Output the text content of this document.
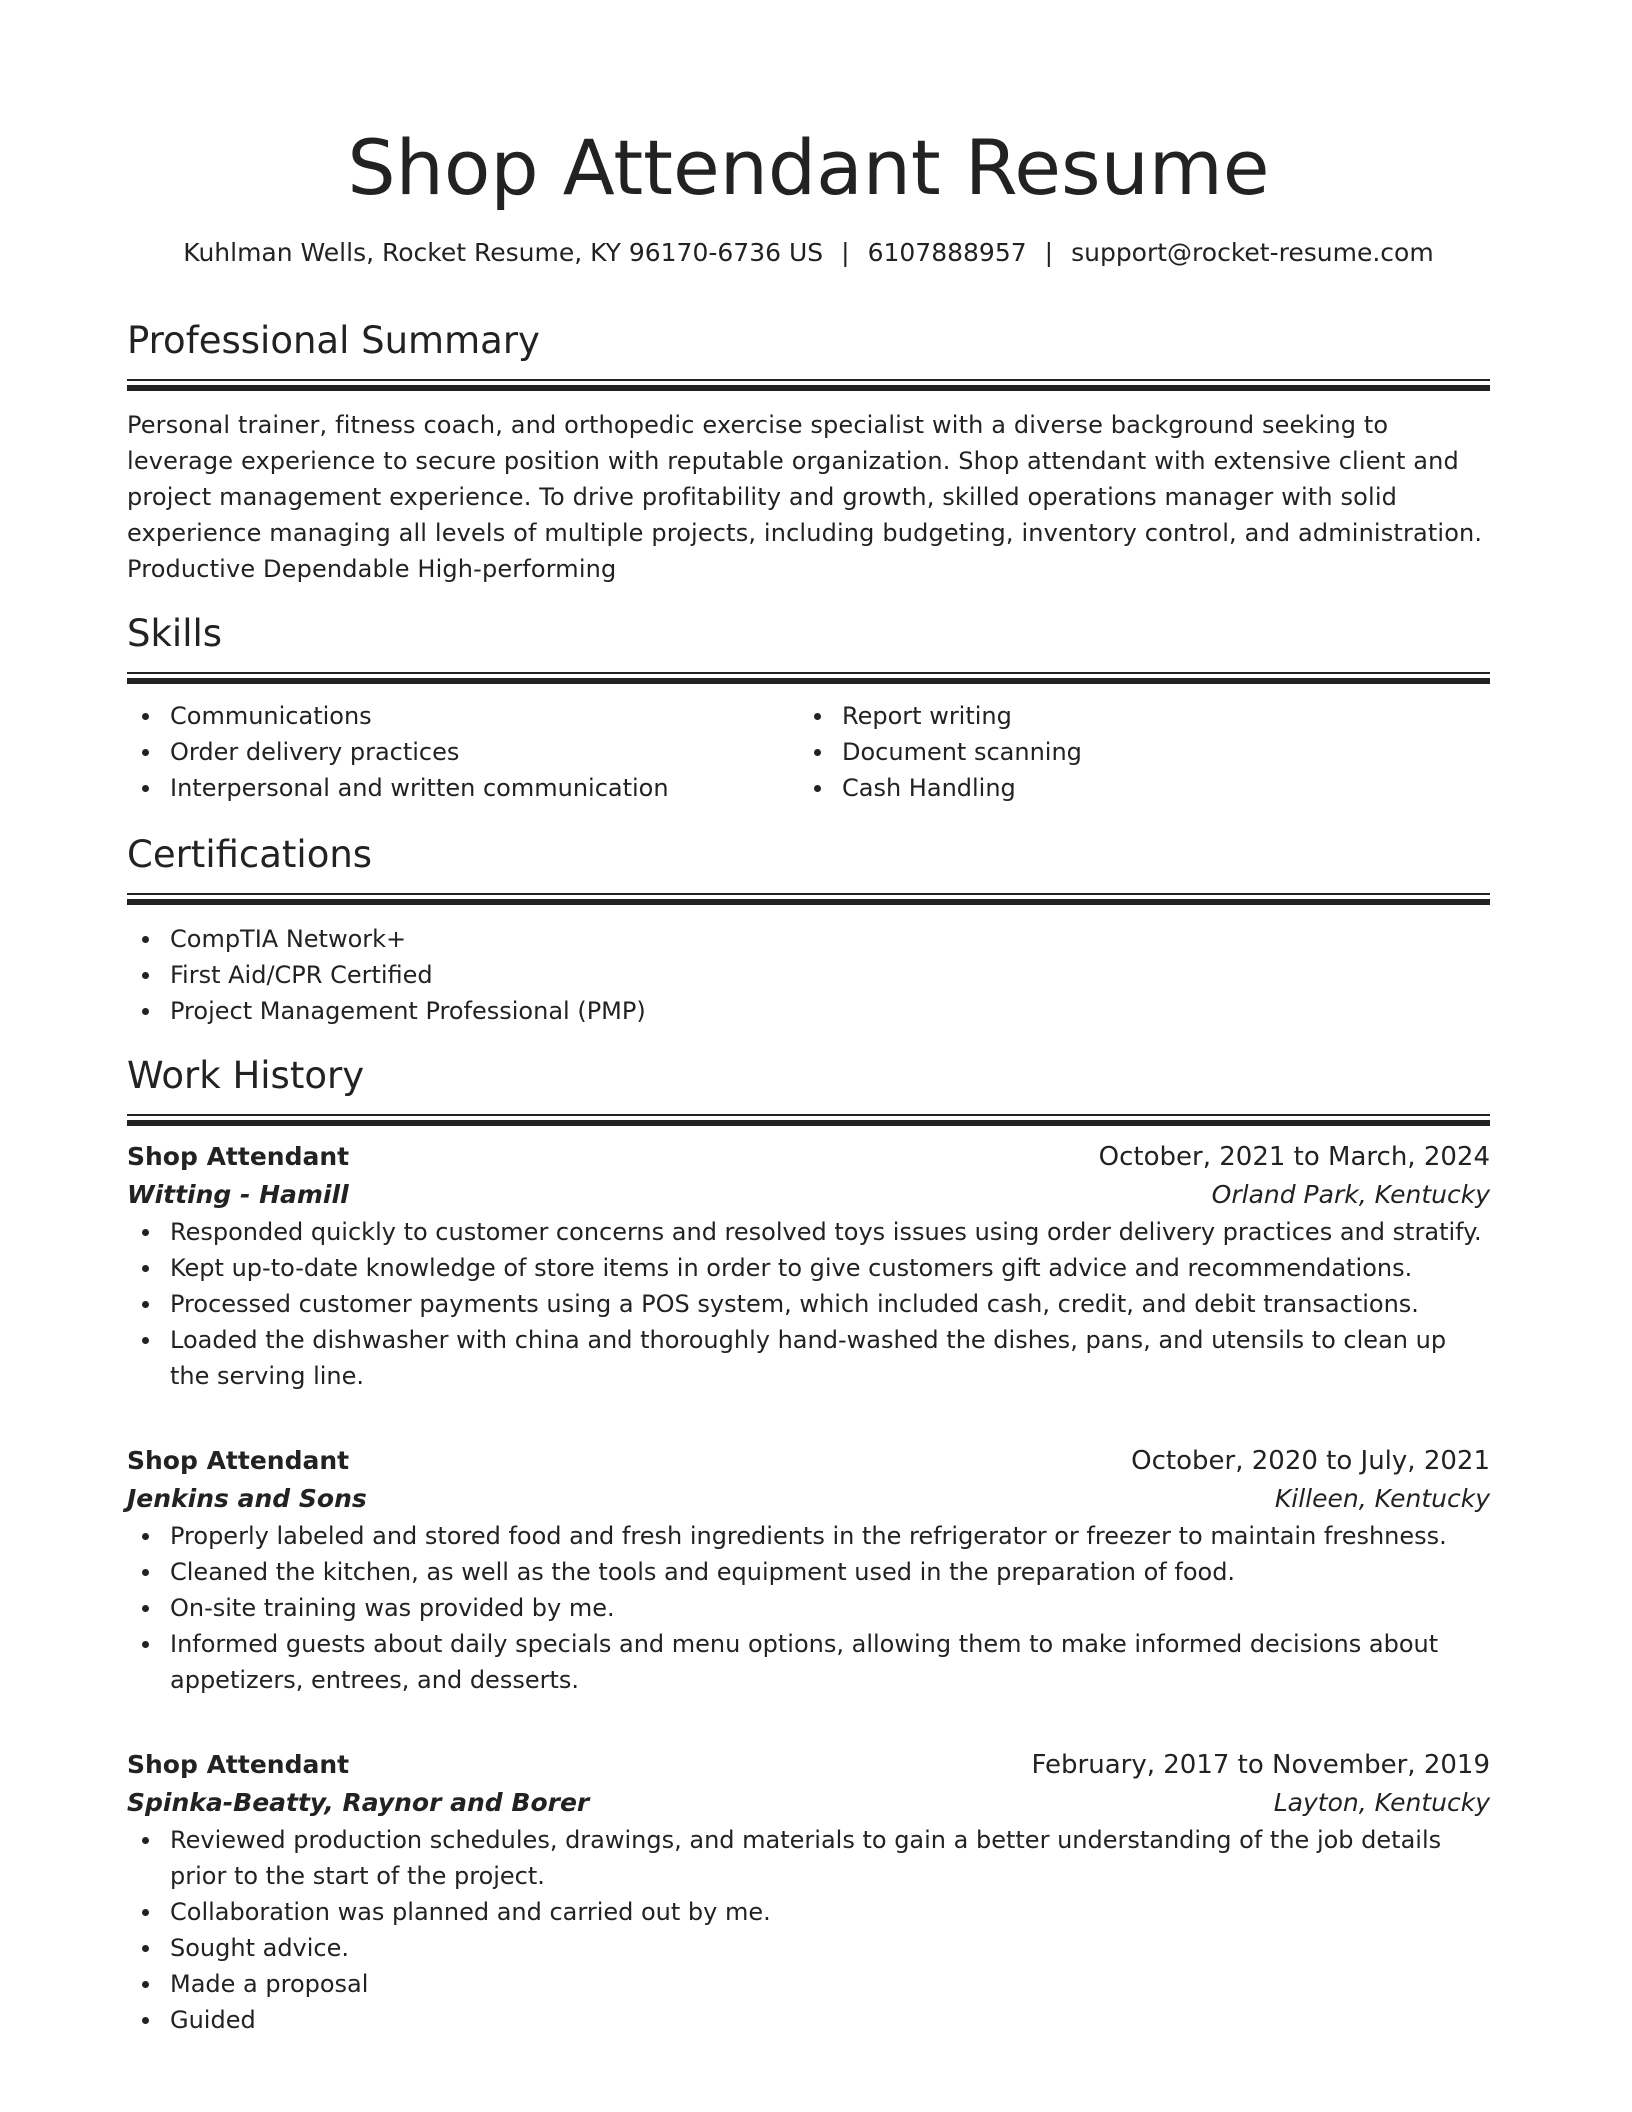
Shop Attendant Resume
Kuhlman Wells, Rocket Resume, KY 96170-6736 US | 6107888957 | support@rocket-resume.com
Professional Summary
Personal trainer, fitness coach, and orthopedic exercise specialist with a diverse background seeking to leverage experience to secure position with reputable organization. Shop attendant with extensive client and project management experience. To drive profitability and growth, skilled operations manager with solid experience managing all levels of multiple projects, including budgeting, inventory control, and administration. Productive Dependable High-performing
Skills
Communications
Order delivery practices
Interpersonal and written communication
Report writing
Document scanning
Cash Handling
Certifications
CompTIA Network+
First Aid/CPR Certified
Project Management Professional (PMP)
Work History
Shop Attendant	October, 2021 to March, 2024
Witting - Hamill	Orland Park, Kentucky
Responded quickly to customer concerns and resolved toys issues using order delivery practices and stratify.
Kept up-to-date knowledge of store items in order to give customers gift advice and recommendations.
Processed customer payments using a POS system, which included cash, credit, and debit transactions.
Loaded the dishwasher with china and thoroughly hand-washed the dishes, pans, and utensils to clean up the serving line.
Shop Attendant	October, 2020 to July, 2021
Jenkins and Sons	Killeen, Kentucky
Properly labeled and stored food and fresh ingredients in the refrigerator or freezer to maintain freshness.
Cleaned the kitchen, as well as the tools and equipment used in the preparation of food.
On-site training was provided by me.
Informed guests about daily specials and menu options, allowing them to make informed decisions about appetizers, entrees, and desserts.
Shop Attendant	February, 2017 to November, 2019
Spinka-Beatty, Raynor and Borer	Layton, Kentucky
Reviewed production schedules, drawings, and materials to gain a better understanding of the job details prior to the start of the project.
Collaboration was planned and carried out by me.
Sought advice.
Made a proposal
Guided
